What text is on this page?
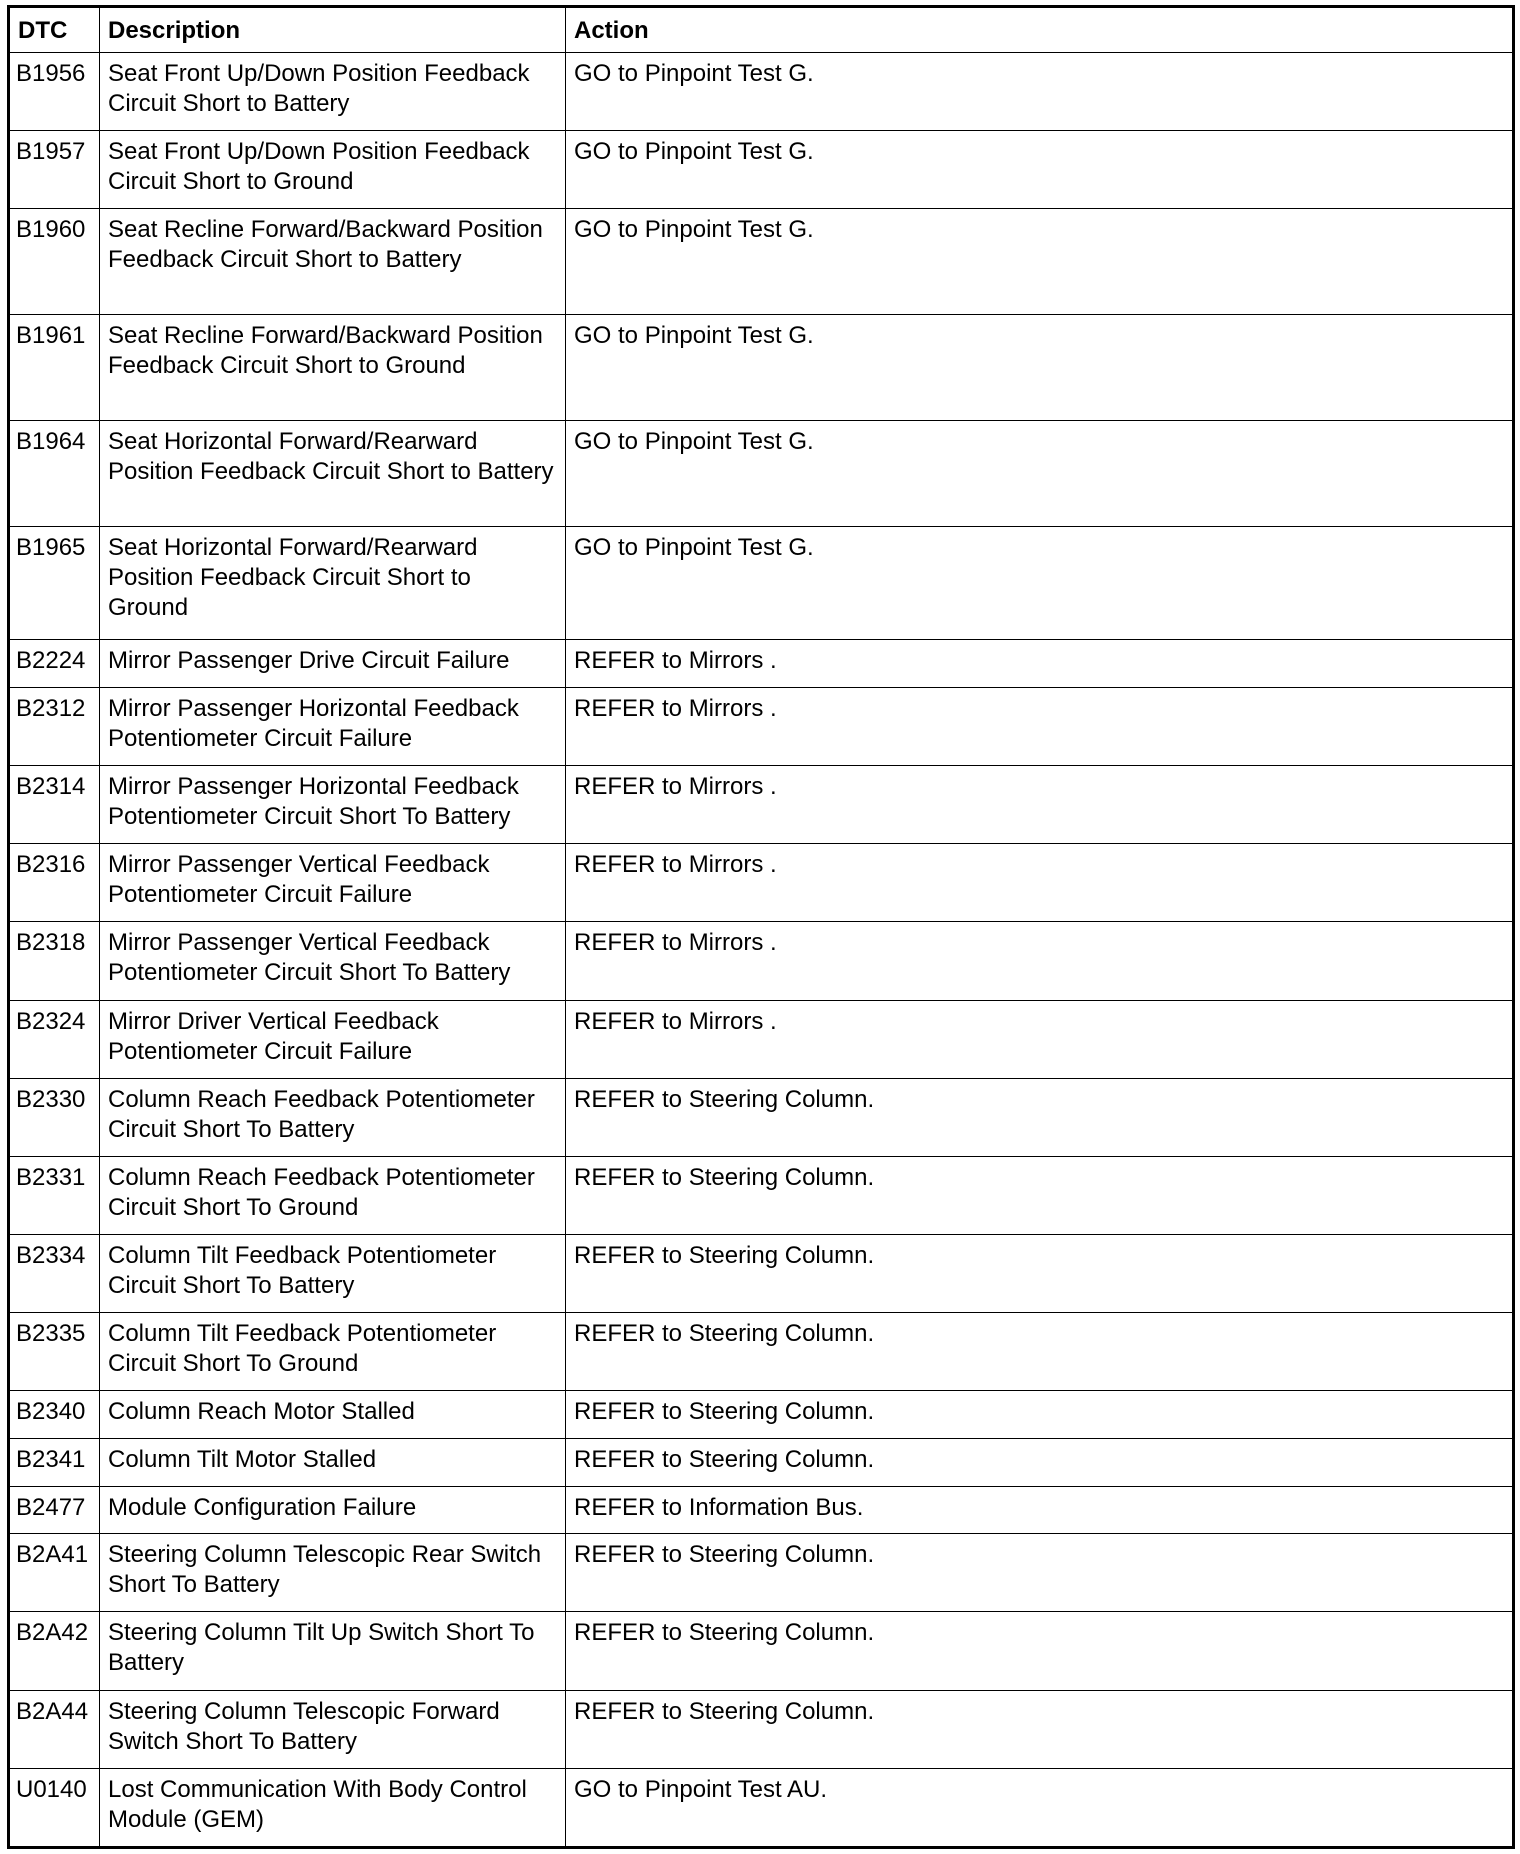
DTC	Description	Action
B1956	Seat Front Up/Down Position Feedback Circuit Short to Battery	GO to Pinpoint Test G.
B1957	Seat Front Up/Down Position Feedback Circuit Short to Ground	GO to Pinpoint Test G.
B1960	Seat Recline Forward/Backward Position Feedback Circuit Short to Battery	GO to Pinpoint Test G.
B1961	Seat Recline Forward/Backward Position Feedback Circuit Short to Ground	GO to Pinpoint Test G.
B1964	Seat Horizontal Forward/Rearward Position Feedback Circuit Short to Battery	GO to Pinpoint Test G.
B1965	Seat Horizontal Forward/Rearward Position Feedback Circuit Short to Ground	GO to Pinpoint Test G.
B2224	Mirror Passenger Drive Circuit Failure	REFER to Mirrors .
B2312	Mirror Passenger Horizontal Feedback Potentiometer Circuit Failure	REFER to Mirrors .
B2314	Mirror Passenger Horizontal Feedback Potentiometer Circuit Short To Battery	REFER to Mirrors .
B2316	Mirror Passenger Vertical Feedback Potentiometer Circuit Failure	REFER to Mirrors .
B2318	Mirror Passenger Vertical Feedback Potentiometer Circuit Short To Battery	REFER to Mirrors .
B2324	Mirror Driver Vertical Feedback Potentiometer Circuit Failure	REFER to Mirrors .
B2330	Column Reach Feedback Potentiometer Circuit Short To Battery	REFER to Steering Column.
B2331	Column Reach Feedback Potentiometer Circuit Short To Ground	REFER to Steering Column.
B2334	Column Tilt Feedback Potentiometer Circuit Short To Battery	REFER to Steering Column.
B2335	Column Tilt Feedback Potentiometer Circuit Short To Ground	REFER to Steering Column.
B2340	Column Reach Motor Stalled	REFER to Steering Column.
B2341	Column Tilt Motor Stalled	REFER to Steering Column.
B2477	Module Configuration Failure	REFER to Information Bus.
B2A41	Steering Column Telescopic Rear Switch Short To Battery	REFER to Steering Column.
B2A42	Steering Column Tilt Up Switch Short To Battery	REFER to Steering Column.
B2A44	Steering Column Telescopic Forward Switch Short To Battery	REFER to Steering Column.
U0140	Lost Communication With Body Control Module (GEM)	GO to Pinpoint Test AU.
